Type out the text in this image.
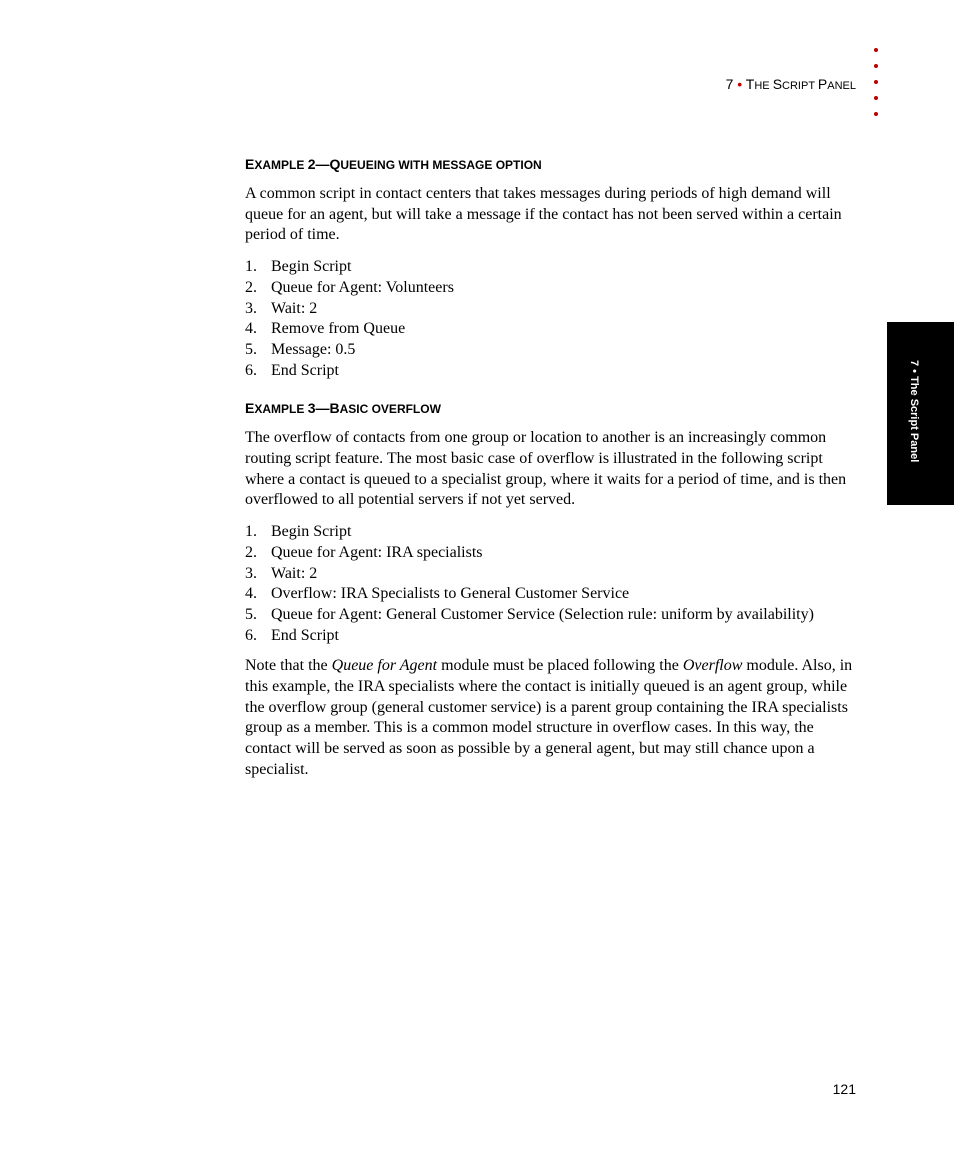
7 • THE SCRIPT PANEL
7 • The Script Panel
EXAMPLE 2—QUEUEING WITH MESSAGE OPTION

A common script in contact centers that takes messages during periods of high demand will queue for an agent, but will take a message if the contact has not been served within a certain period of time.

1. Begin Script
2. Queue for Agent: Volunteers
3. Wait: 2
4. Remove from Queue
5. Message: 0.5
6. End Script
EXAMPLE 3—BASIC OVERFLOW

The overflow of contacts from one group or location to another is an increasingly common routing script feature. The most basic case of overflow is illustrated in the following script where a contact is queued to a specialist group, where it waits for a period of time, and is then overflowed to all potential servers if not yet served.

1. Begin Script
2. Queue for Agent: IRA specialists
3. Wait: 2
4. Overflow: IRA Specialists to General Customer Service
5. Queue for Agent: General Customer Service (Selection rule: uniform by availability)
6. End Script

Note that the Queue for Agent module must be placed following the Overflow module. Also, in this example, the IRA specialists where the contact is initially queued is an agent group, while the overflow group (general customer service) is a parent group containing the IRA specialists group as a member. This is a common model structure in overflow cases. In this way, the contact will be served as soon as possible by a general agent, but may still chance upon a specialist.

121
